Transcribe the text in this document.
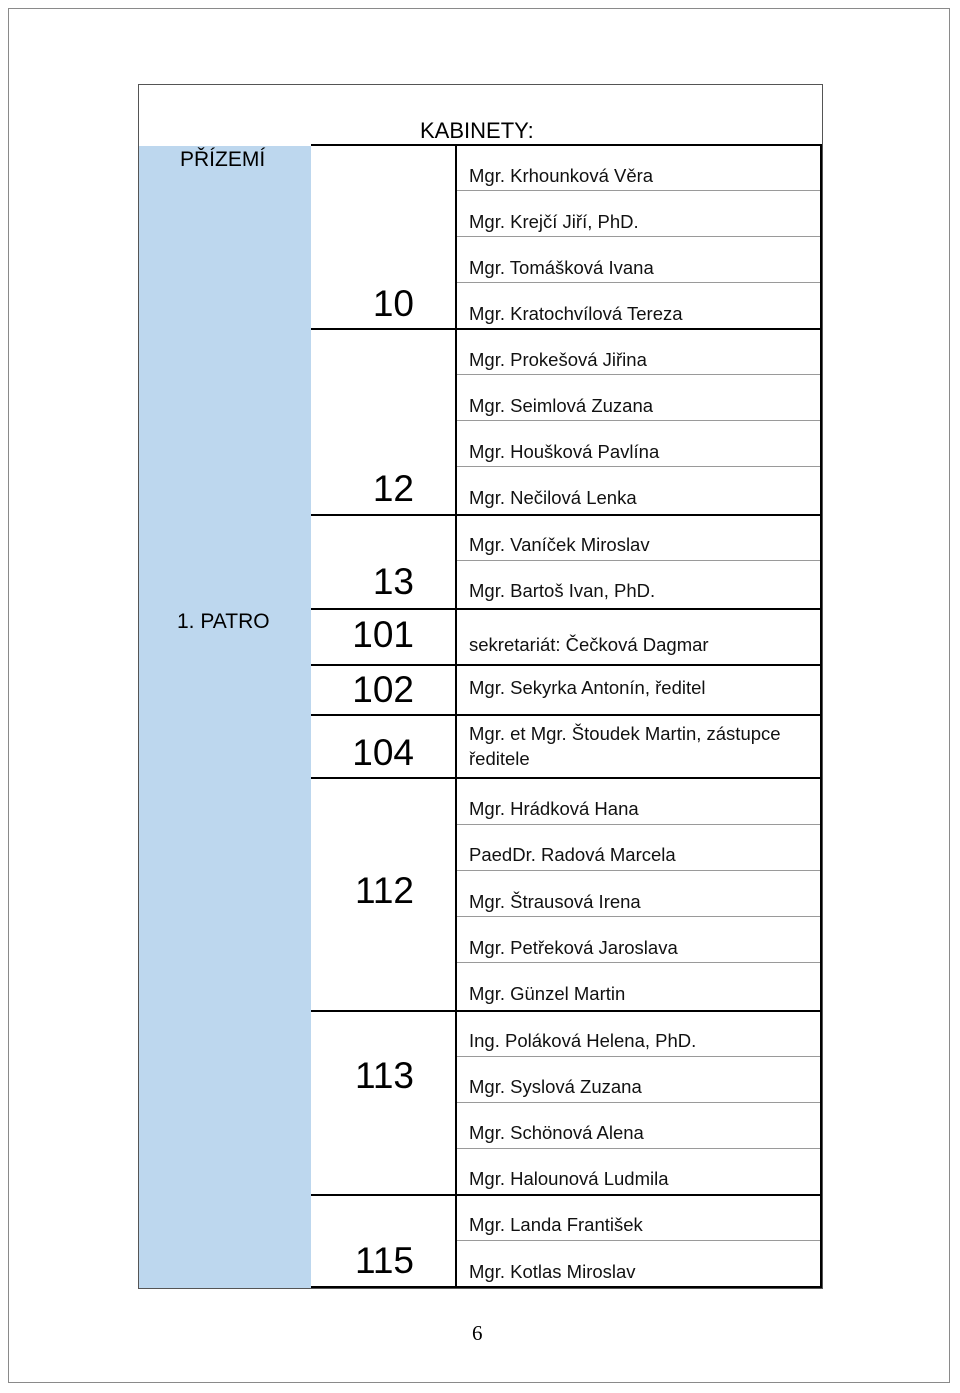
KABINETY:
PŘÍZEMÍ
1. PATRO
10
12
13
101
102
104
112
113
115
Mgr. Krhounková Věra
Mgr. Krejčí Jiří, PhD.
Mgr. Tomášková Ivana
Mgr. Kratochvílová Tereza
Mgr. Prokešová Jiřina
Mgr. Seimlová Zuzana
Mgr. Houšková Pavlína
Mgr. Nečilová Lenka
Mgr. Vaníček Miroslav
Mgr. Bartoš Ivan, PhD.
sekretariát: Čečková Dagmar
Mgr. Sekyrka Antonín, ředitel
Mgr. et Mgr. Štoudek Martin, zástupce
ředitele
Mgr. Hrádková Hana
PaedDr. Radová Marcela
Mgr. Štrausová Irena
Mgr. Petřeková Jaroslava
Mgr. Günzel Martin
Ing. Poláková Helena, PhD.
Mgr. Syslová Zuzana
Mgr. Schönová Alena
Mgr. Halounová Ludmila
Mgr. Landa František
Mgr. Kotlas Miroslav
6
